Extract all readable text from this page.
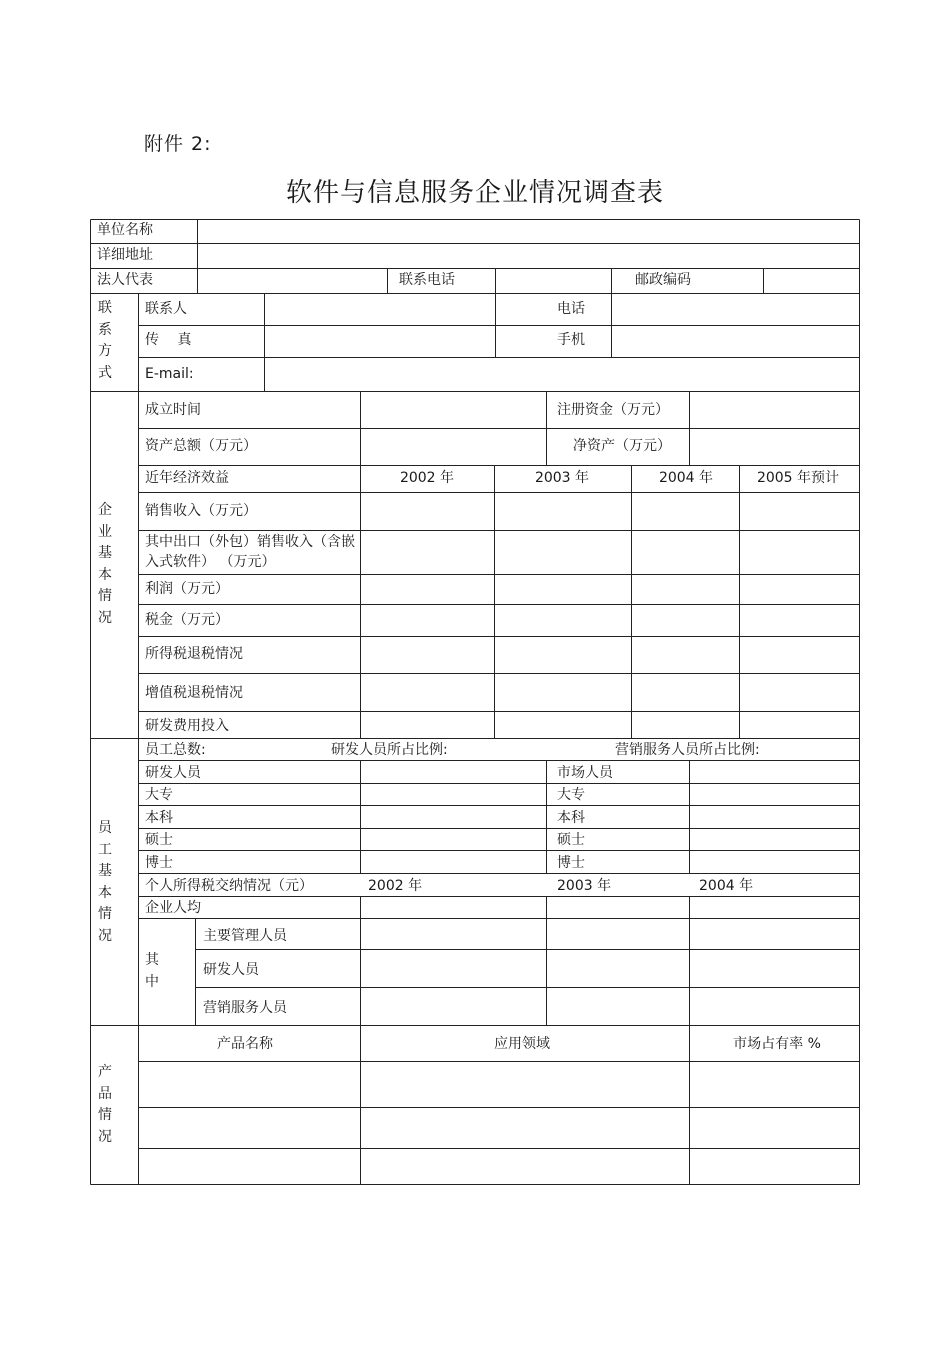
附件 2:
软件与信息服务企业情况调查表
单位名称
详细地址
法人代表	联系电话	邮政编码
联系方式
联系人	电话
传　 真	手机
E-mail:
企业基本情况
成立时间	注册资金（万元）
资产总额（万元）	净资产（万元）
近年经济效益	2002 年	2003 年	2004 年	2005 年预计
销售收入（万元）
其中出口（外包）销售收入（含嵌入式软件） （万元）
利润（万元）
税金（万元）
所得税退税情况
增值税退税情况
研发费用投入
员工基本情况
员工总数:	研发人员所占比例:	营销服务人员所占比例:
研发人员	市场人员
大专	大专
本科	本科
硕士	硕士
博士	博士
个人所得税交纳情况（元）	2002 年	2003 年	2004 年
企业人均
其中
主要管理人员
研发人员
营销服务人员
产品情况
产品名称	应用领域	市场占有率 %
